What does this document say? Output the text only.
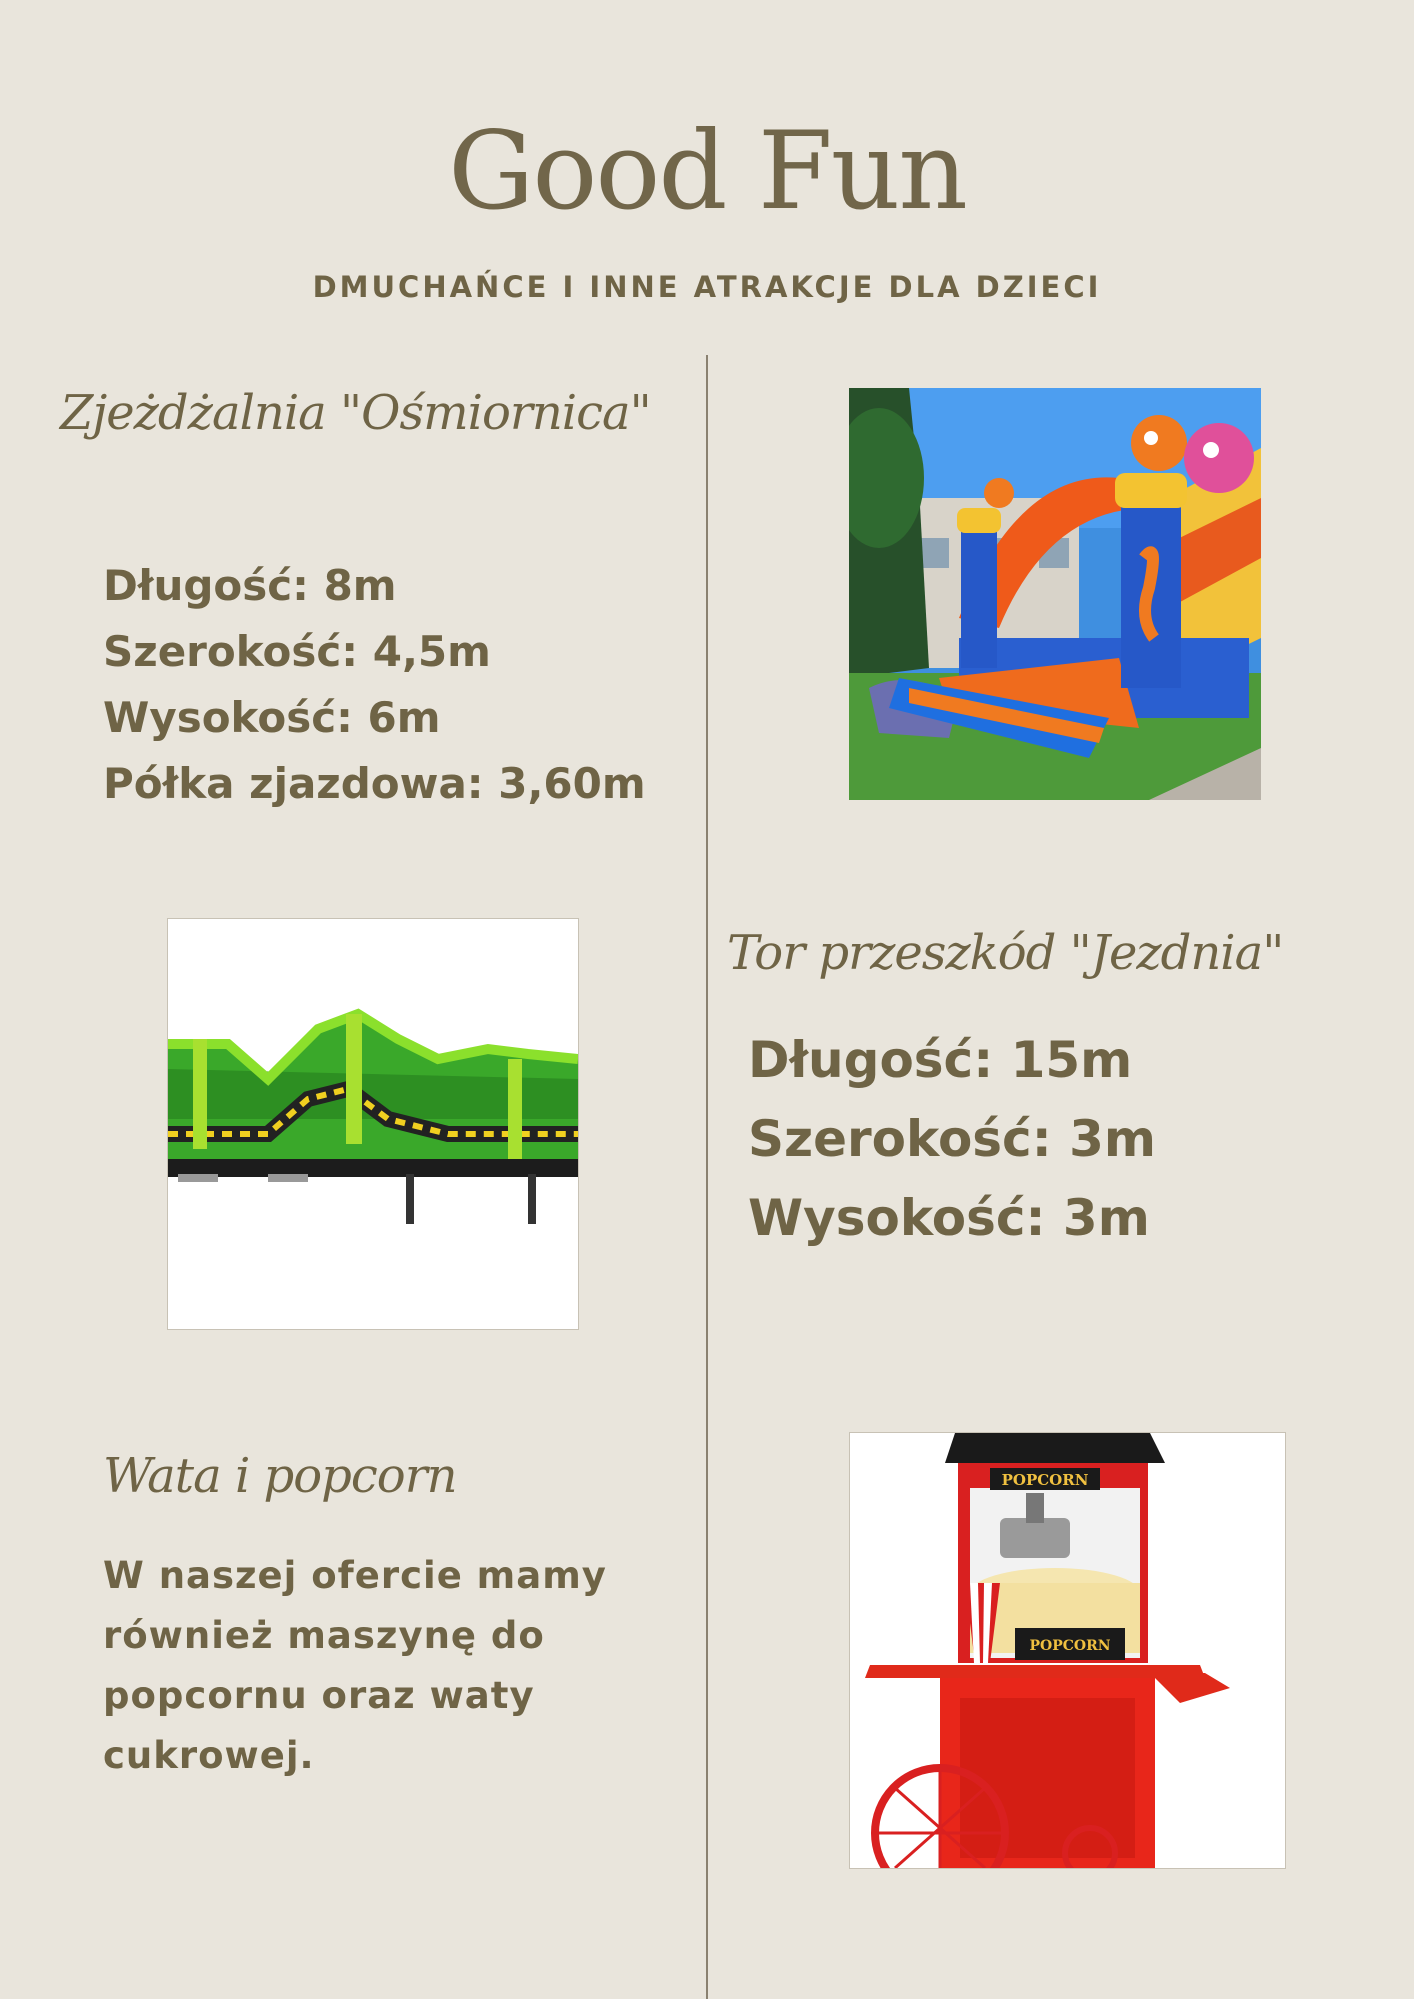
Good Fun
DMUCHAŃCE I INNE ATRAKCJE DLA DZIECI
Zjeżdżalnia "Ośmiornica"
Długość: 8m
Szerokość: 4,5m
Wysokość: 6m
Półka zjazdowa: 3,60m
Tor przeszkód "Jezdnia"
Długość: 15m
Szerokość: 3m
Wysokość: 3m
Wata i popcorn
W naszej ofercie mamy również maszynę do popcornu oraz waty cukrowej.
POPCORN
POPCORN
